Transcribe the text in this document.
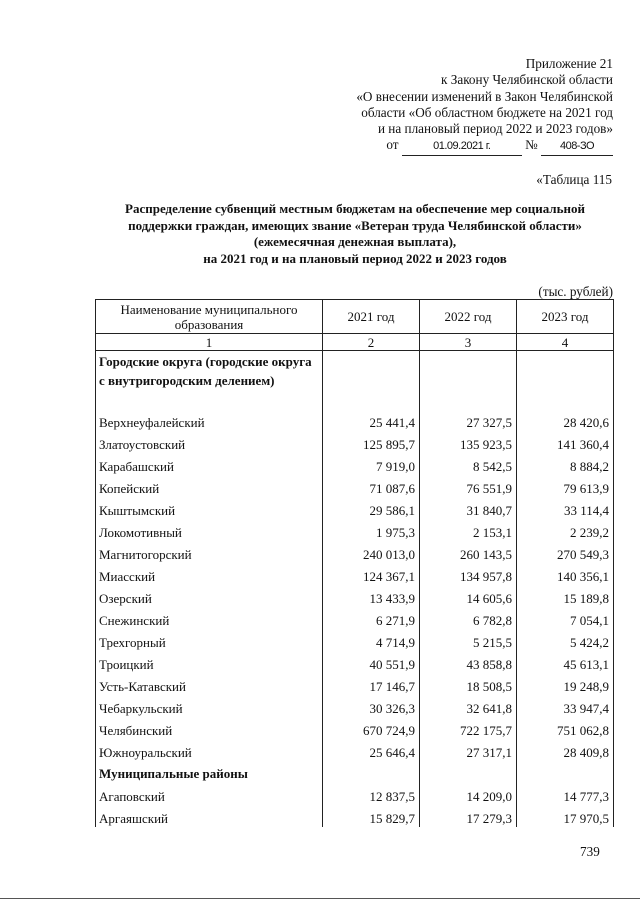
Приложение 21
к Закону Челябинской области
«О внесении изменений в Закон Челябинской
области «Об областном бюджете на 2021 год
и на плановый период 2022 и 2023 годов»
от	01.09.2021 г.	№ 408-ЗО
«Таблица 115
Распределение субвенций местным бюджетам на обеспечение мер социальной
поддержки граждан, имеющих звание «Ветеран труда Челябинской области»
(ежемесячная денежная выплата),
на 2021 год и на плановый период 2022 и 2023 годов
(тыс. рублей)
Наименование муниципального образования	2021 год	2022 год	2023 год
1	2	3	4
Городские округа (городские округа с внутригородским делением)			
Верхнеуфалейский	25 441,4	27 327,5	28 420,6
Златоустовский	125 895,7	135 923,5	141 360,4
Карабашский	7 919,0	8 542,5	8 884,2
Копейский	71 087,6	76 551,9	79 613,9
Кыштымский	29 586,1	31 840,7	33 114,4
Локомотивный	1 975,3	2 153,1	2 239,2
Магнитогорский	240 013,0	260 143,5	270 549,3
Миасский	124 367,1	134 957,8	140 356,1
Озерский	13 433,9	14 605,6	15 189,8
Снежинский	6 271,9	6 782,8	7 054,1
Трехгорный	4 714,9	5 215,5	5 424,2
Троицкий	40 551,9	43 858,8	45 613,1
Усть-Катавский	17 146,7	18 508,5	19 248,9
Чебаркульский	30 326,3	32 641,8	33 947,4
Челябинский	670 724,9	722 175,7	751 062,8
Южноуральский	25 646,4	27 317,1	28 409,8
Муниципальные районы			
Агаповский	12 837,5	14 209,0	14 777,3
Аргаяшский	15 829,7	17 279,3	17 970,5
739
